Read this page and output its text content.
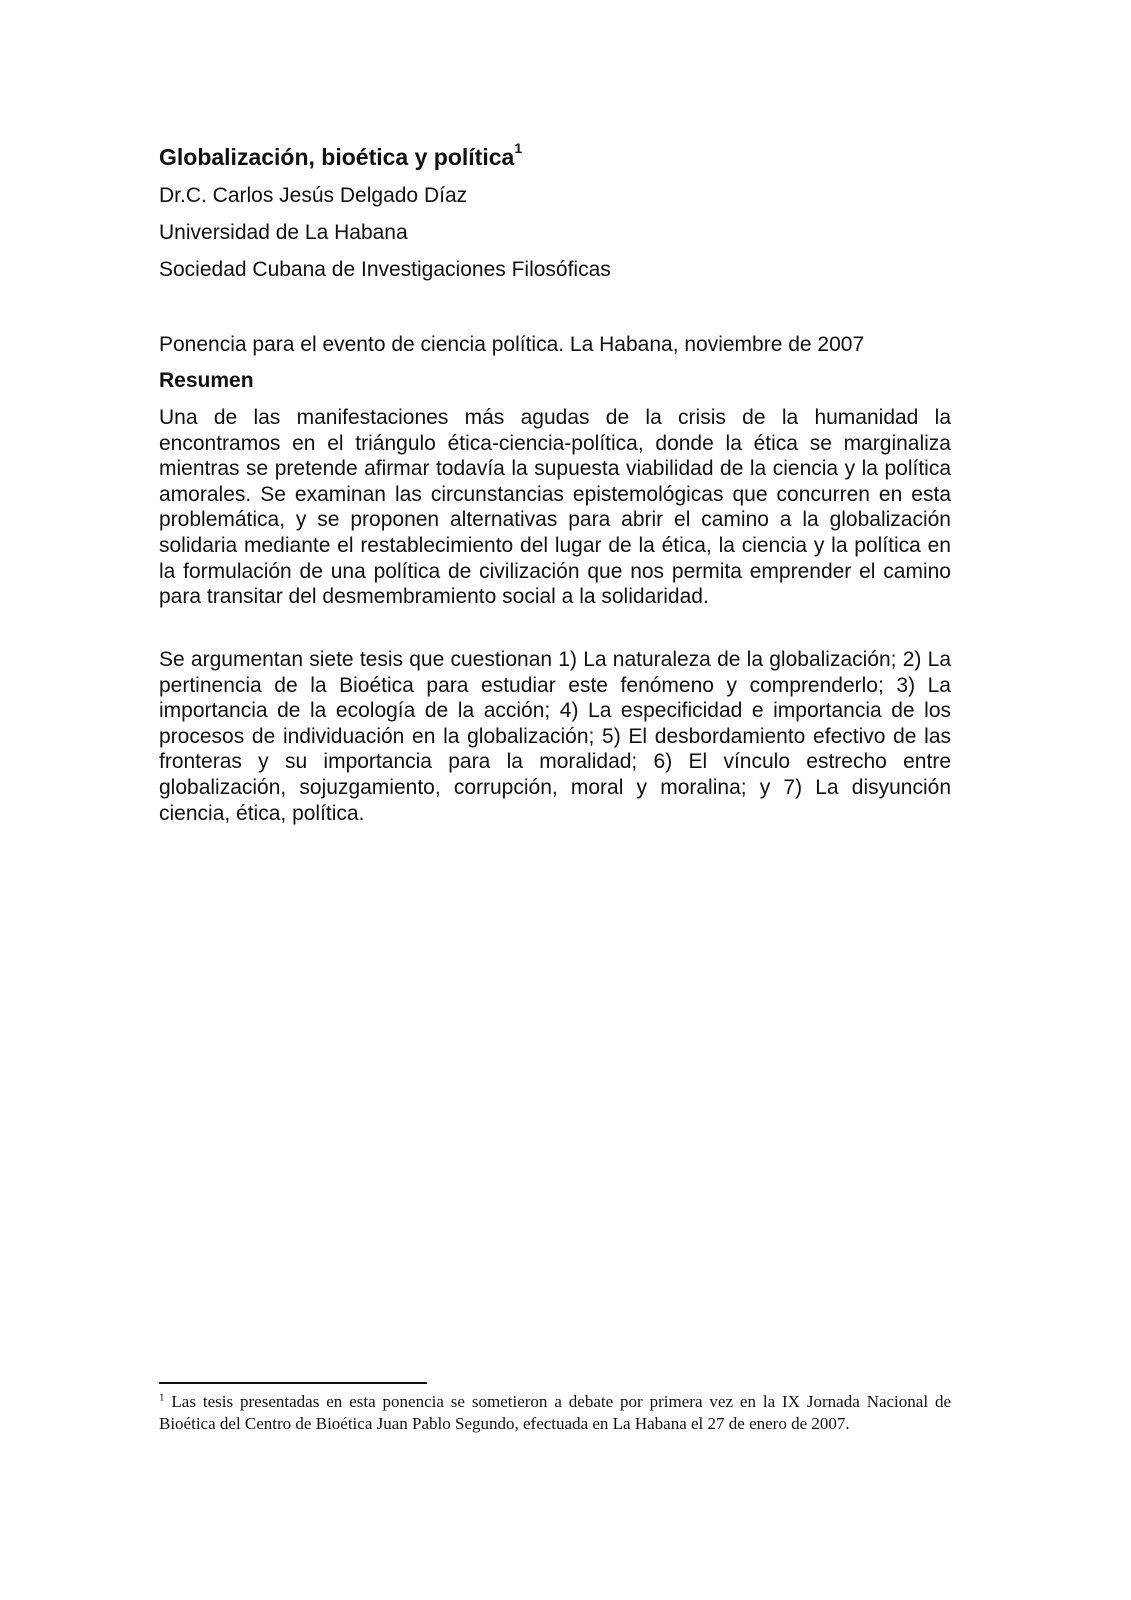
Globalización, bioética y política$^1$
Dr.C. Carlos Jesús Delgado Díaz
Universidad de La Habana
Sociedad Cubana de Investigaciones Filosóficas
Ponencia para el evento de ciencia política. La Habana, noviembre de 2007
Resumen

Una de las manifestaciones más agudas de la crisis de la humanidad la encontramos en el triángulo ética-ciencia-política, donde la ética se marginaliza mientras se pretende afirmar todavía la supuesta viabilidad de la ciencia y la política amorales. Se examinan las circunstancias epistemológicas que concurren en esta problemática, y se proponen alternativas para abrir el camino a la globalización solidaria mediante el restablecimiento del lugar de la ética, la ciencia y la política en la formulación de una política de civilización que nos permita emprender el camino para transitar del desmembramiento social a la solidaridad.

Se argumentan siete tesis que cuestionan 1) La naturaleza de la globalización; 2) La pertinencia de la Bioética para estudiar este fenómeno y comprenderlo; 3) La importancia de la ecología de la acción; 4) La especificidad e importancia de los procesos de individuación en la globalización; 5) El desbordamiento efectivo de las fronteras y su importancia para la moralidad; 6) El vínculo estrecho entre globalización, sojuzgamiento, corrupción, moral y moralina; y 7) La disyunción ciencia, ética, política.

$^1$ Las tesis presentadas en esta ponencia se sometieron a debate por primera vez en la IX Jornada Nacional de Bioética del Centro de Bioética Juan Pablo Segundo, efectuada en La Habana el 27 de enero de 2007.
